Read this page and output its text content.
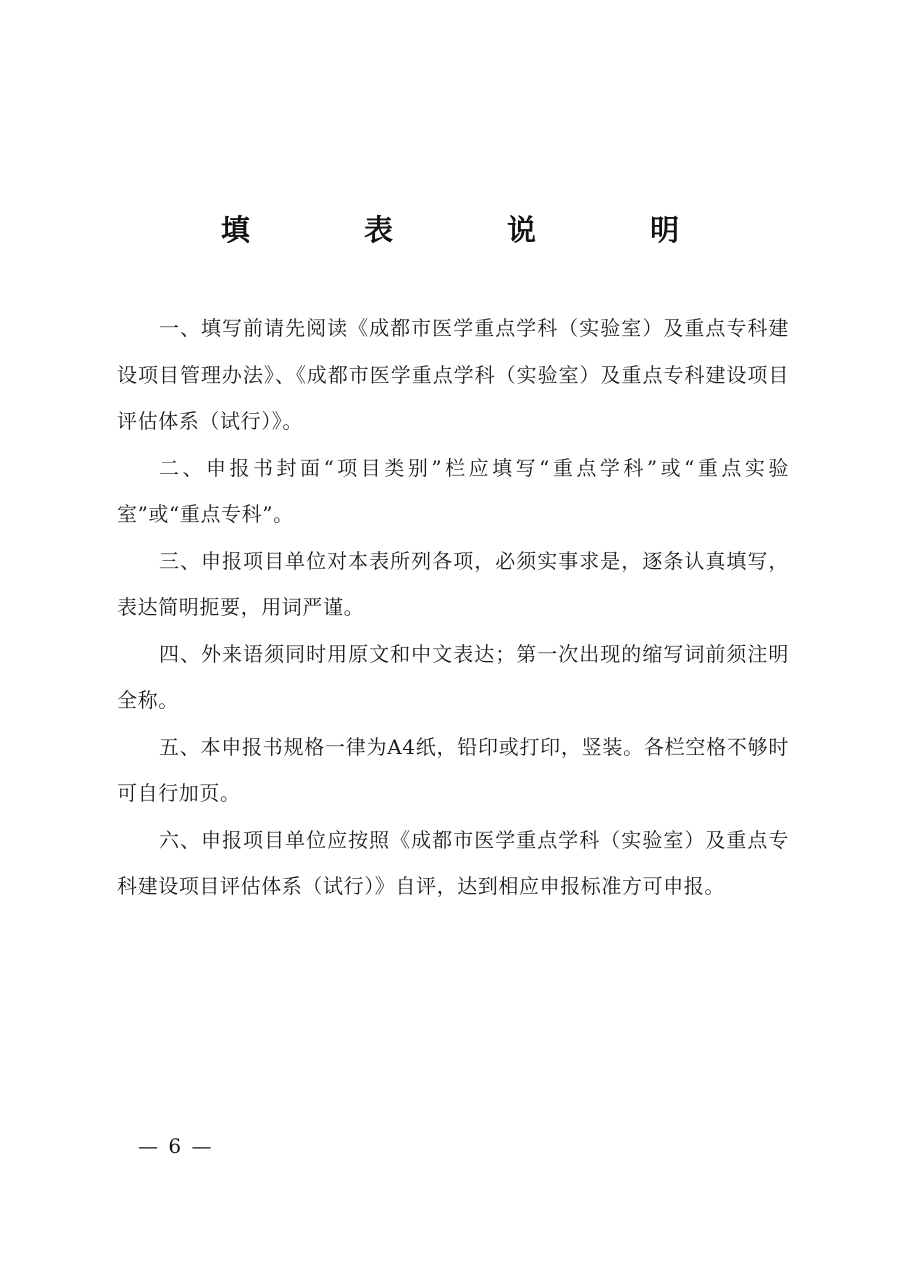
填 表 说 明

一、填写前请先阅读《成都市医学重点学科（实验室）及重点专科建设项目管理办法》、《成都市医学重点学科（实验室）及重点专科建设项目评估体系（试行）》。

二、申报书封面“项目类别”栏应填写“重点学科”或“重点实验室”或“重点专科”。

三、申报项目单位对本表所列各项，必须实事求是，逐条认真填写，表达简明扼要，用词严谨。

四、外来语须同时用原文和中文表达；第一次出现的缩写词前须注明全称。

五、本申报书规格一律为A4纸，铅印或打印，竖装。各栏空格不够时可自行加页。

六、申报项目单位应按照《成都市医学重点学科（实验室）及重点专科建设项目评估体系（试行）》自评，达到相应申报标准方可申报。

— 6 —
